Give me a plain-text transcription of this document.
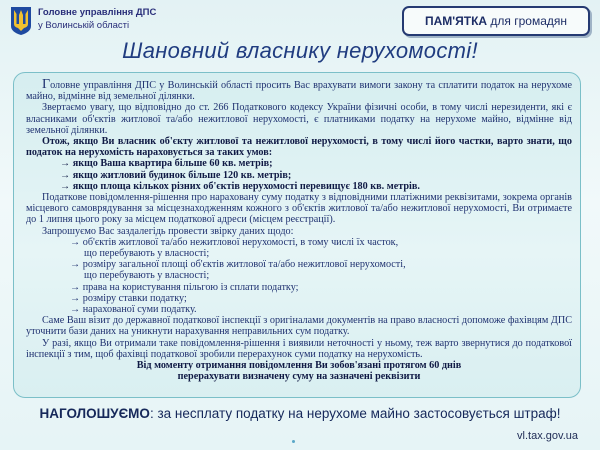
Головне управління ДПС
у Волинській області	ПАМ'ЯТКА для громадян
Шановний власнику нерухомості!

Головне управління ДПС у Волинській області просить Вас врахувати вимоги закону та сплатити податок на нерухоме майно, відмінне від земельної ділянки.

Звертаємо увагу, що відповідно до ст. 266 Податкового кодексу України фізичні особи, в тому числі нерезиденти, які є власниками об'єктів житлової та/або нежитлової нерухомості, є платниками податку на нерухоме майно, відмінне від земельної ділянки.

Отож, якщо Ви власник об'єкту житлової та нежитлової нерухомості, в тому числі його частки, варто знати, що податок на нерухомість нараховується за таких умов:

→ якщо Ваша квартира більше 60 кв. метрів;

→ якщо житловий будинок більше 120 кв. метрів;

→ якщо площа кількох різних об'єктів нерухомості перевищує 180 кв. метрів.

Податкове повідомлення-рішення про нараховану суму податку з відповідними платіжними реквізитами, зокрема органів місцевого самоврядування за місцезнаходженням кожного з об'єктів житлової та/або нежитлової нерухомості, Ви отримаєте до 1 липня цього року за місцем податкової адреси (місцем реєстрації).

Запрошуємо Вас заздалегідь провести звірку даних щодо:

→ об'єктів житлової та/або нежитлової нерухомості, в тому числі їх часток,

що перебувають у власності;

→ розміру загальної площі об'єктів житлової та/або нежитлової нерухомості,

що перебувають у власності;

→ права на користування пільгою із сплати податку;

→ розміру ставки податку;

→ нарахованої суми податку.

Саме Ваш візит до державної податкової інспекції з оригіналами документів на право власності допоможе фахівцям ДПС уточнити бази даних на уникнути нарахування неправильних сум податку.

У разі, якщо Ви отримали таке повідомлення-рішення і виявили неточності у ньому, теж варто звернутися до податкової інспекції з тим, щоб фахівці податкової зробили перерахунок суми податку на нерухомість.

Від моменту отримання повідомлення Ви зобов'язані протягом 60 днів

перерахувати визначену суму на зазначені реквізити

НАГОЛОШУЄМО: за несплату податку на нерухоме майно застосовується штраф!
vl.tax.gov.ua
